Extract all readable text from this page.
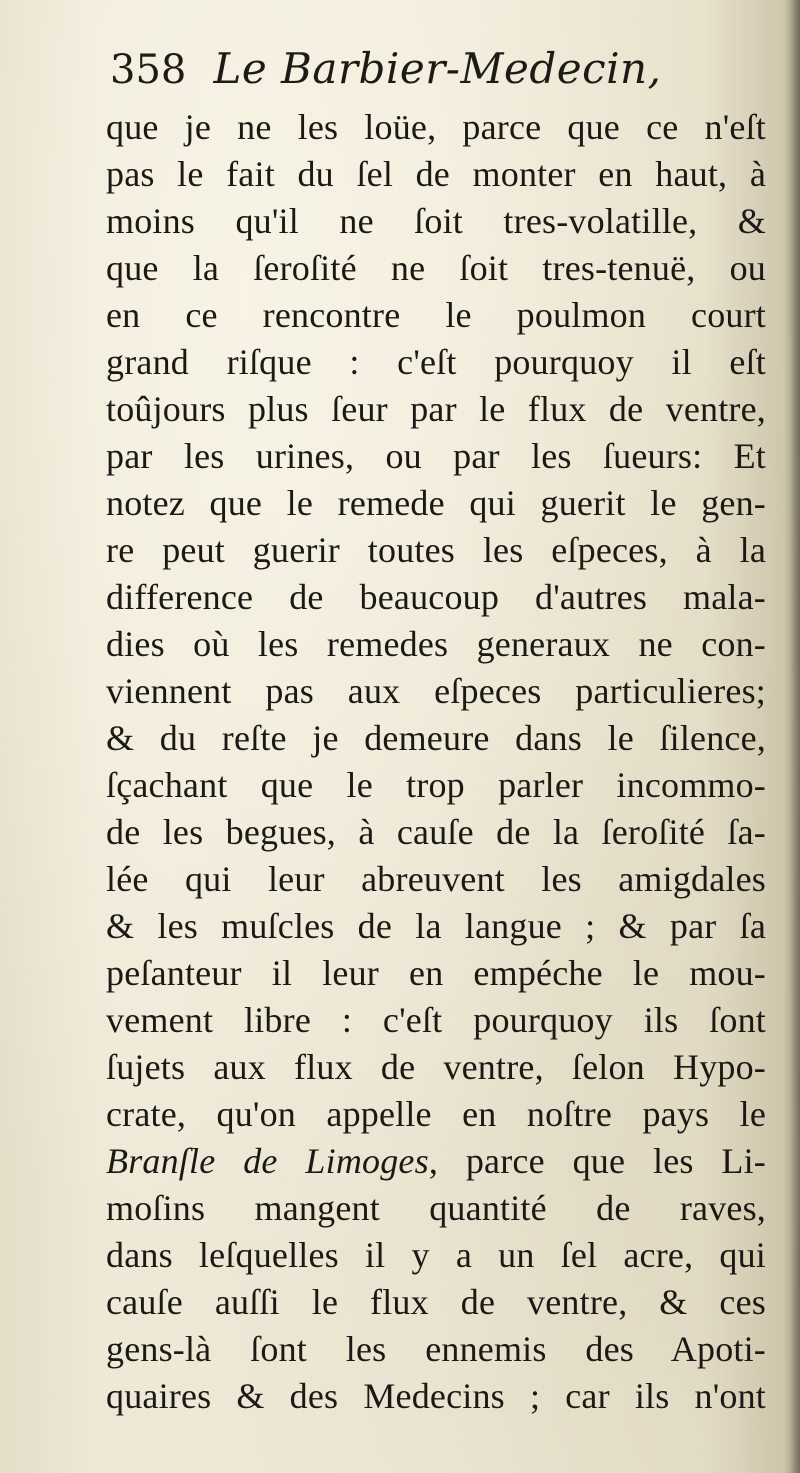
358 Le Barbier-Medecin,
que je ne les loüe, parce que ce n'eſt
pas le fait du ſel de monter en haut, à
moins qu'il ne ſoit tres-volatille, &
que la ſeroſité ne ſoit tres-tenuë, ou
en ce rencontre le poulmon court
grand riſque : c'eſt pourquoy il eſt
toûjours plus ſeur par le flux de ventre,
par les urines, ou par les ſueurs: Et
notez que le remede qui guerit le gen-
re peut guerir toutes les eſpeces, à la
difference de beaucoup d'autres mala-
dies où les remedes generaux ne con-
viennent pas aux eſpeces particulieres;
& du reſte je demeure dans le ſilence,
ſçachant que le trop parler incommo-
de les begues, à cauſe de la ſeroſité ſa-
lée qui leur abreuvent les amigdales
& les muſcles de la langue ; & par ſa
peſanteur il leur en empéche le mou-
vement libre : c'eſt pourquoy ils ſont
ſujets aux flux de ventre, ſelon Hypo-
crate, qu'on appelle en noſtre pays le
Branſle de Limoges, parce que les Li-
moſins mangent quantité de raves,
dans leſquelles il y a un ſel acre, qui
cauſe auſſi le flux de ventre, & ces
gens-là ſont les ennemis des Apoti-
quaires & des Medecins ; car ils n'ont
